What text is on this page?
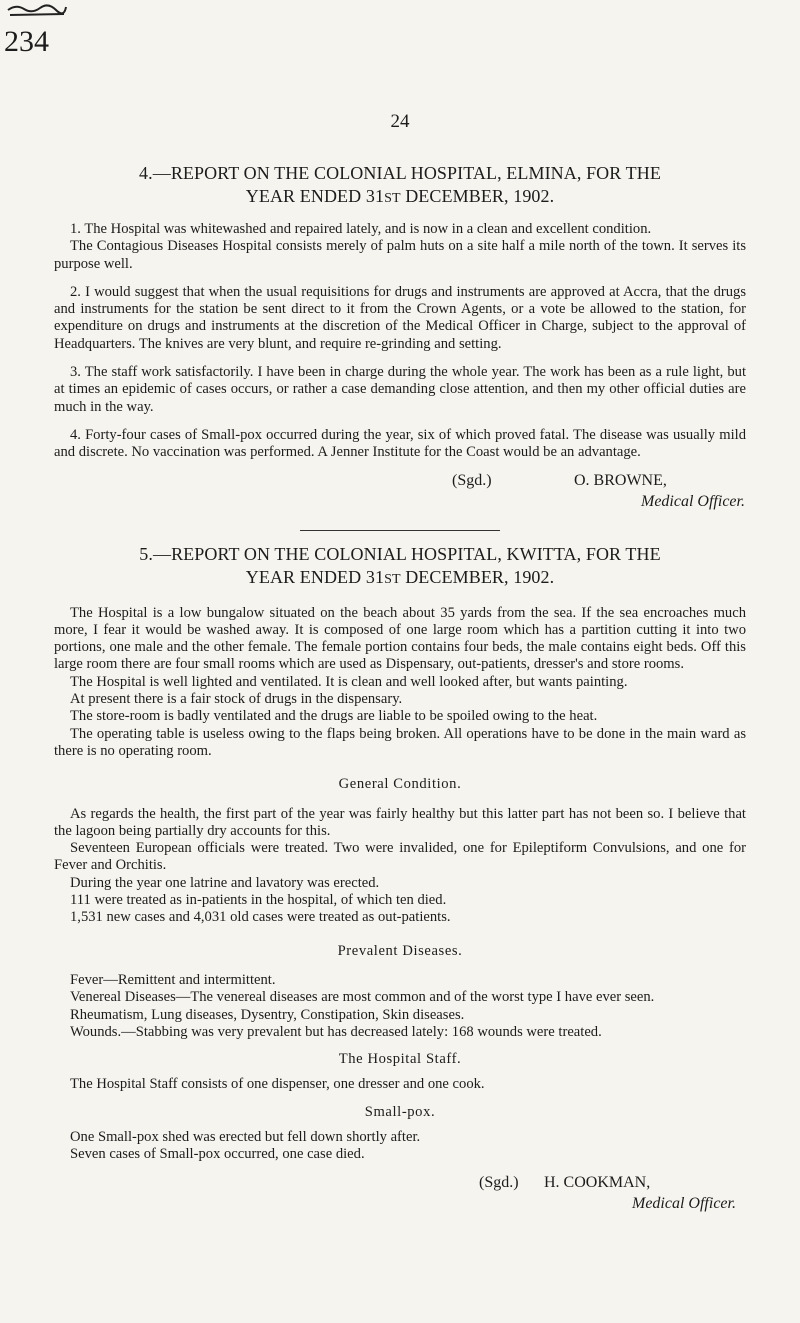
234
24
4.—REPORT ON THE COLONIAL HOSPITAL, ELMINA, FOR THE
YEAR ENDED 31ST DECEMBER, 1902.

1. The Hospital was whitewashed and repaired lately, and is now in a clean and excellent condition.

The Contagious Diseases Hospital consists merely of palm huts on a site half a mile north of the town. It serves its purpose well.

2. I would suggest that when the usual requisitions for drugs and instruments are approved at Accra, that the drugs and instruments for the station be sent direct to it from the Crown Agents, or a vote be allowed to the station, for expenditure on drugs and instruments at the discretion of the Medical Officer in Charge, subject to the approval of Headquarters. The knives are very blunt, and require re-grinding and setting.

3. The staff work satisfactorily. I have been in charge during the whole year. The work has been as a rule light, but at times an epidemic of cases occurs, or rather a case demanding close attention, and then my other official duties are much in the way.

4. Forty-four cases of Small-pox occurred during the year, six of which proved fatal. The disease was usually mild and discrete. No vaccination was performed. A Jenner Institute for the Coast would be an advantage.

(Sgd.)	O. BROWNE,
Medical Officer.
5.—REPORT ON THE COLONIAL HOSPITAL, KWITTA, FOR THE
YEAR ENDED 31ST DECEMBER, 1902.

The Hospital is a low bungalow situated on the beach about 35 yards from the sea. If the sea encroaches much more, I fear it would be washed away. It is composed of one large room which has a partition cutting it into two portions, one male and the other female. The female portion contains four beds, the male contains eight beds. Off this large room there are four small rooms which are used as Dispensary, out-patients, dresser's and store rooms.

The Hospital is well lighted and ventilated. It is clean and well looked after, but wants painting.

At present there is a fair stock of drugs in the dispensary.

The store-room is badly ventilated and the drugs are liable to be spoiled owing to the heat.

The operating table is useless owing to the flaps being broken. All operations have to be done in the main ward as there is no operating room.

General Condition.

As regards the health, the first part of the year was fairly healthy but this latter part has not been so. I believe that the lagoon being partially dry accounts for this.

Seventeen European officials were treated. Two were invalided, one for Epileptiform Convulsions, and one for Fever and Orchitis.

During the year one latrine and lavatory was erected.

111 were treated as in-patients in the hospital, of which ten died.

1,531 new cases and 4,031 old cases were treated as out-patients.

Prevalent Diseases.

Fever—Remittent and intermittent.

Venereal Diseases—The venereal diseases are most common and of the worst type I have ever seen.

Rheumatism, Lung diseases, Dysentry, Constipation, Skin diseases.

Wounds.—Stabbing was very prevalent but has decreased lately: 168 wounds were treated.

The Hospital Staff.

The Hospital Staff consists of one dispenser, one dresser and one cook.

Small-pox.

One Small-pox shed was erected but fell down shortly after.

Seven cases of Small-pox occurred, one case died.

(Sgd.) H. COOKMAN,
Medical Officer.
